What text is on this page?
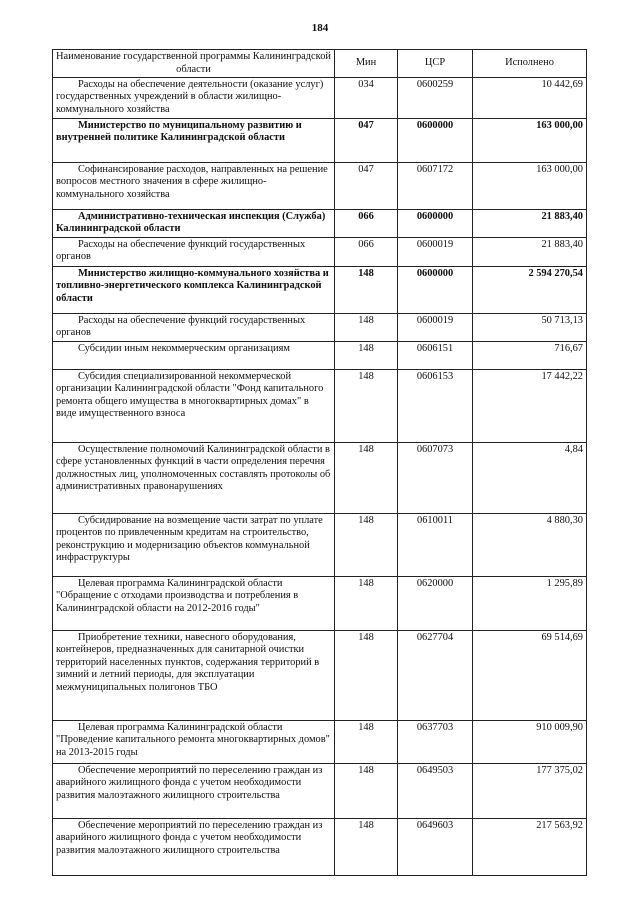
184
Наименование государственной программы Калининградской области	Мин	ЦСР	Исполнено
Расходы на обеспечение деятельности (оказание услуг) государственных учреждений в области жилищно-коммунального хозяйства	034	0600259	10 442,69
Министерство по муниципальному развитию и внутренней политике Калининградской области	047	0600000	163 000,00
Софинансирование расходов, направленных на решение вопросов местного значения в сфере жилищно-коммунального хозяйства	047	0607172	163 000,00
Административно-техническая инспекция (Служба) Калининградской области	066	0600000	21 883,40
Расходы на обеспечение функций государственных органов	066	0600019	21 883,40
Министерство жилищно-коммунального хозяйства и топливно-энергетического комплекса Калининградской области	148	0600000	2 594 270,54
Расходы на обеспечение функций государственных органов	148	0600019	50 713,13
Субсидии иным некоммерческим организациям	148	0606151	716,67
Субсидия специализированной некоммерческой организации Калининградской области "Фонд капитального ремонта общего имущества в многоквартирных домах" в виде имущественного взноса	148	0606153	17 442,22
Осуществление полномочий Калининградской области в сфере установленных функций в части определения перечня должностных лиц, уполномоченных составлять протоколы об административных правонарушениях	148	0607073	4,84
Субсидирование на возмещение части затрат по уплате процентов по привлеченным кредитам на строительство, реконструкцию и модернизацию объектов коммунальной инфраструктуры	148	0610011	4 880,30
Целевая программа Калининградской области "Обращение с отходами производства и потребления в Калининградской области на 2012-2016 годы"	148	0620000	1 295,89
Приобретение техники, навесного оборудования, контейнеров, предназначенных для санитарной очистки территорий населенных пунктов, содержания территорий в зимний и летний периоды, для эксплуатации межмуниципальных полигонов ТБО	148	0627704	69 514,69
Целевая программа Калининградской области "Проведение капитального ремонта многоквартирных домов" на 2013-2015 годы	148	0637703	910 009,90
Обеспечение мероприятий по переселению граждан из аварийного жилищного фонда с учетом необходимости развития малоэтажного жилищного строительства	148	0649503	177 375,02
Обеспечение мероприятий по переселению граждан из аварийного жилищного фонда с учетом необходимости развития малоэтажного жилищного строительства	148	0649603	217 563,92
